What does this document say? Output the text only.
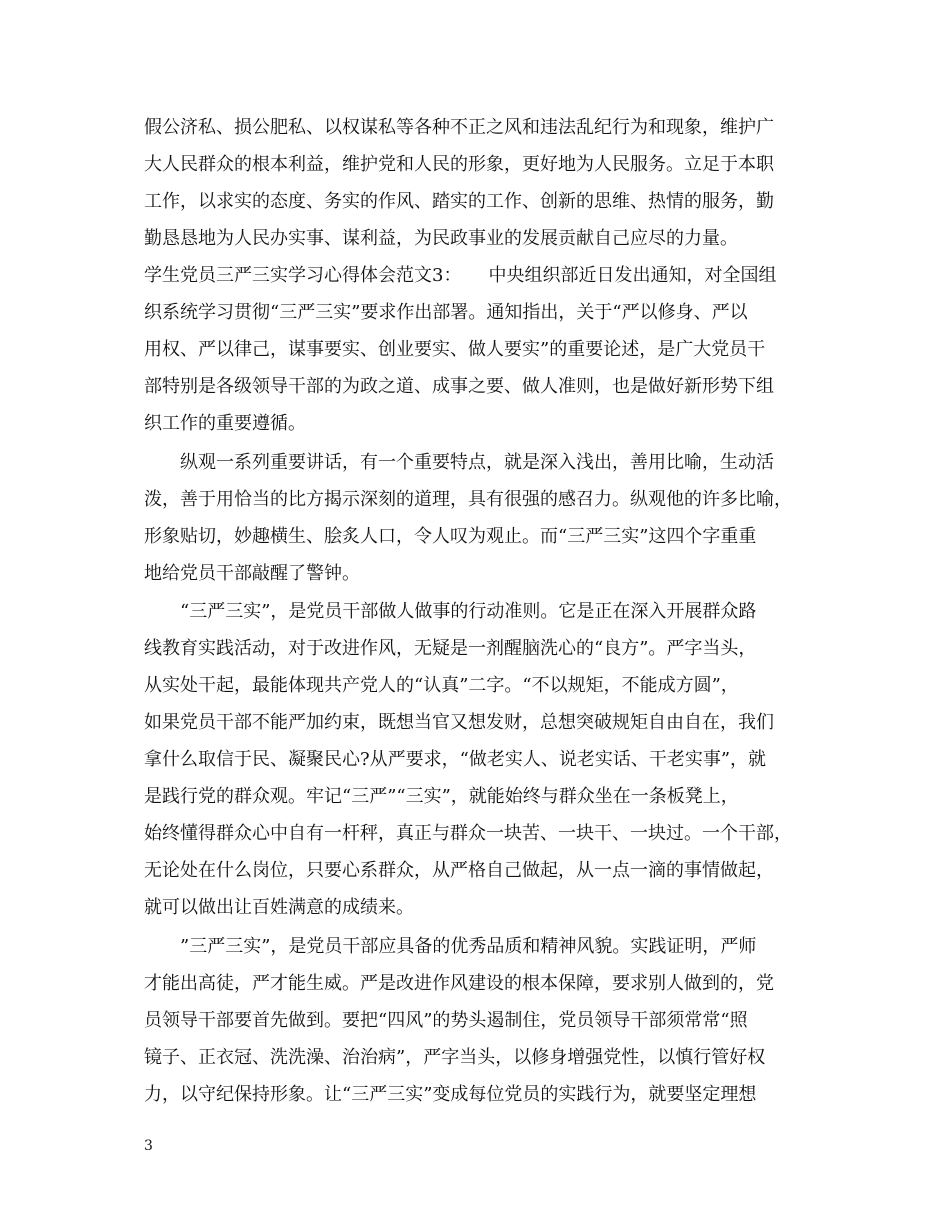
假公济私、损公肥私、以权谋私等各种不正之风和违法乱纪行为和现象，维护广
大人民群众的根本利益，维护党和人民的形象，更好地为人民服务。立足于本职
工作，以求实的态度、务实的作风、踏实的工作、创新的思维、热情的服务，勤
勤恳恳地为人民办实事、谋利益，为民政事业的发展贡献自己应尽的力量。
学生党员三严三实学习心得体会范文3：　　中央组织部近日发出通知，对全国组
织系统学习贯彻“三严三实”要求作出部署。通知指出，关于“严以修身、严以
用权、严以律己，谋事要实、创业要实、做人要实”的重要论述，是广大党员干
部特别是各级领导干部的为政之道、成事之要、做人准则，也是做好新形势下组
织工作的重要遵循。
　　纵观一系列重要讲话，有一个重要特点，就是深入浅出，善用比喻，生动活
泼，善于用恰当的比方揭示深刻的道理，具有很强的感召力。纵观他的许多比喻，
形象贴切，妙趣横生、脍炙人口，令人叹为观止。而“三严三实”这四个字重重
地给党员干部敲醒了警钟。
　　“三严三实”，是党员干部做人做事的行动准则。它是正在深入开展群众路
线教育实践活动，对于改进作风，无疑是一剂醒脑洗心的“良方”。严字当头，
从实处干起，最能体现共产党人的“认真”二字。“不以规矩，不能成方圆”，
如果党员干部不能严加约束，既想当官又想发财，总想突破规矩自由自在，我们
拿什么取信于民、凝聚民心?从严要求，“做老实人、说老实话、干老实事”，就
是践行党的群众观。牢记“三严”“三实”，就能始终与群众坐在一条板凳上，
始终懂得群众心中自有一杆秤，真正与群众一块苦、一块干、一块过。一个干部，
无论处在什么岗位，只要心系群众，从严格自己做起，从一点一滴的事情做起，
就可以做出让百姓满意的成绩来。
　　”三严三实”，是党员干部应具备的优秀品质和精神风貌。实践证明，严师
才能出高徒，严才能生威。严是改进作风建设的根本保障，要求别人做到的，党
员领导干部要首先做到。要把“四风”的势头遏制住，党员领导干部须常常“照
镜子、正衣冠、洗洗澡、治治病”，严字当头，以修身增强党性，以慎行管好权
力，以守纪保持形象。让“三严三实”变成每位党员的实践行为，就要坚定理想
3
